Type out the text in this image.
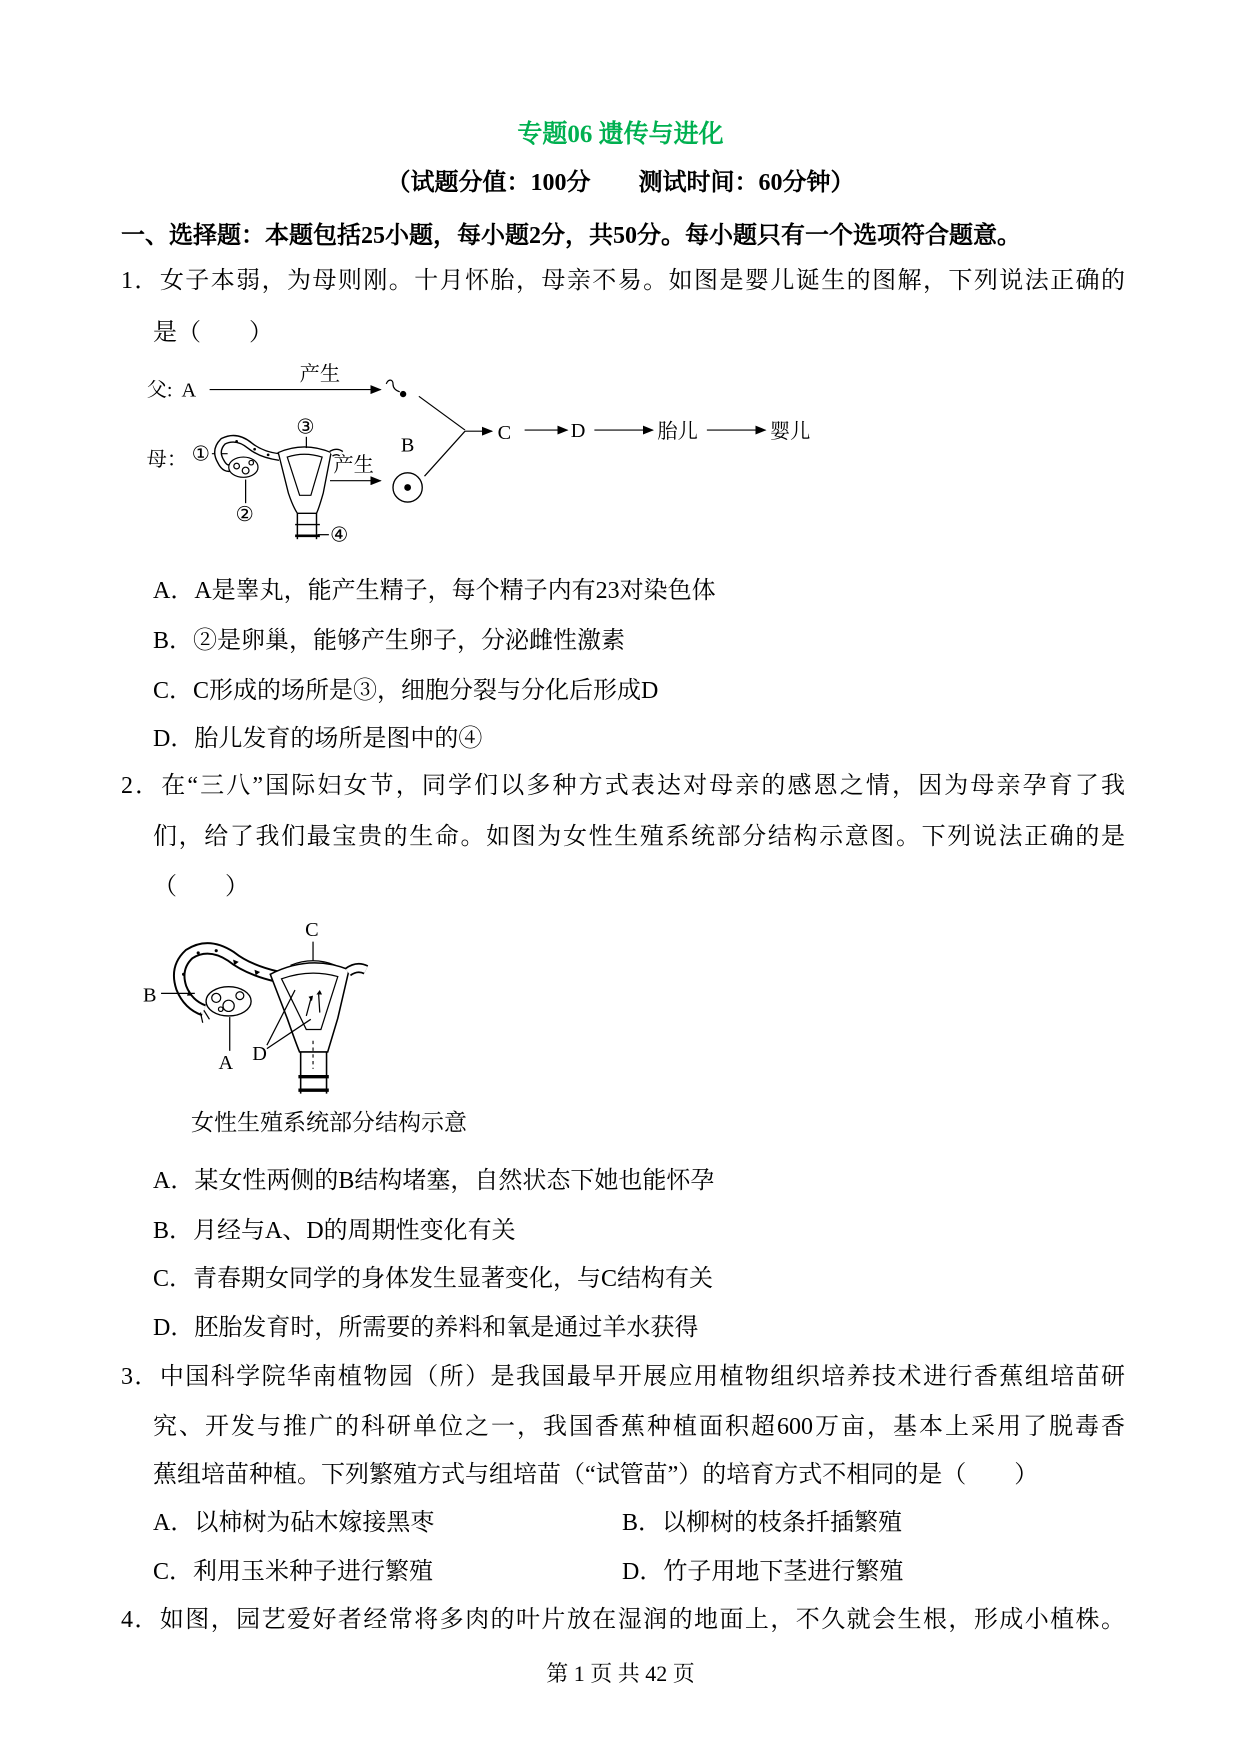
专题06 遗传与进化
（试题分值：100分　　测试时间：60分钟）
一、选择题：本题包括25小题，每小题2分，共50分。每小题只有一个选项符合题意。
1．女子本弱，为母则刚。十月怀胎，母亲不易。如图是婴儿诞生的图解，下列说法正确的
是（　　）
父: A
产生
母： ①
③
②
④
产生
B
C	D	胎儿	婴儿
A．A是睾丸，能产生精子，每个精子内有23对染色体
B．②是卵巢，能够产生卵子，分泌雌性激素
C．C形成的场所是③，细胞分裂与分化后形成D
D．胎儿发育的场所是图中的④
2．在“三八”国际妇女节，同学们以多种方式表达对母亲的感恩之情，因为母亲孕育了我
们，给了我们最宝贵的生命。如图为女性生殖系统部分结构示意图。下列说法正确的是
（　　）
C
B
A D
女性生殖系统部分结构示意
A．某女性两侧的B结构堵塞，自然状态下她也能怀孕
B．月经与A、D的周期性变化有关
C．青春期女同学的身体发生显著变化，与C结构有关
D．胚胎发育时，所需要的养料和氧是通过羊水获得
3．中国科学院华南植物园（所）是我国最早开展应用植物组织培养技术进行香蕉组培苗研
究、开发与推广的科研单位之一，我国香蕉种植面积超600万亩，基本上采用了脱毒香
蕉组培苗种植。下列繁殖方式与组培苗（“试管苗”）的培育方式不相同的是（　　）
A．以柿树为砧木嫁接黑枣	B．以柳树的枝条扦插繁殖
C．利用玉米种子进行繁殖	D．竹子用地下茎进行繁殖
4．如图，园艺爱好者经常将多肉的叶片放在湿润的地面上，不久就会生根，形成小植株。
第 1 页 共 42 页
